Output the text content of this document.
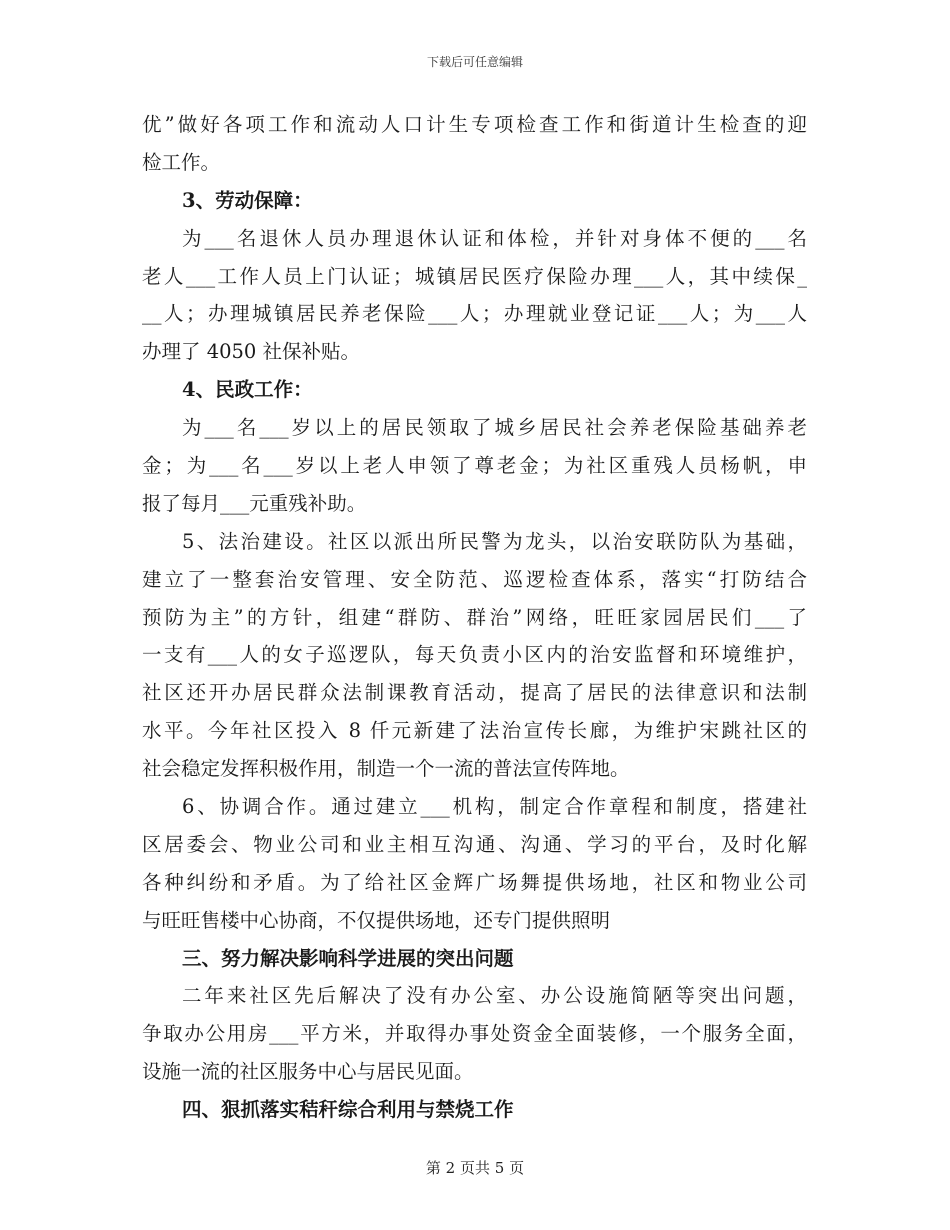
下载后可任意编辑
优”做好各项工作和流动人口计生专项检查工作和街道计生检查的迎
检工作。
3、劳动保障：
为___名退休人员办理退休认证和体检，并针对身体不便的___名
老人___工作人员上门认证；城镇居民医疗保险办理___人，其中续保_
__人；办理城镇居民养老保险___人；办理就业登记证___人；为___人
办理了 4050 社保补贴。
4、民政工作：
为___名___岁以上的居民领取了城乡居民社会养老保险基础养老
金；为___名___岁以上老人申领了尊老金；为社区重残人员杨帆，申
报了每月___元重残补助。
5、法治建设。社区以派出所民警为龙头，以治安联防队为基础，
建立了一整套治安管理、安全防范、巡逻检查体系，落实“打防结合
预防为主”的方针，组建“群防、群治”网络，旺旺家园居民们___了
一支有___人的女子巡逻队，每天负责小区内的治安监督和环境维护，
社区还开办居民群众法制课教育活动，提高了居民的法律意识和法制
水平。今年社区投入 8 仟元新建了法治宣传长廊，为维护宋跳社区的
社会稳定发挥积极作用，制造一个一流的普法宣传阵地。
6、协调合作。通过建立___机构，制定合作章程和制度，搭建社
区居委会、物业公司和业主相互沟通、沟通、学习的平台，及时化解
各种纠纷和矛盾。为了给社区金辉广场舞提供场地，社区和物业公司
与旺旺售楼中心协商，不仅提供场地，还专门提供照明
三、努力解决影响科学进展的突出问题
二年来社区先后解决了没有办公室、办公设施简陋等突出问题，
争取办公用房___平方米，并取得办事处资金全面装修，一个服务全面，
设施一流的社区服务中心与居民见面。
四、狠抓落实秸秆综合利用与禁烧工作
第 2 页共 5 页
